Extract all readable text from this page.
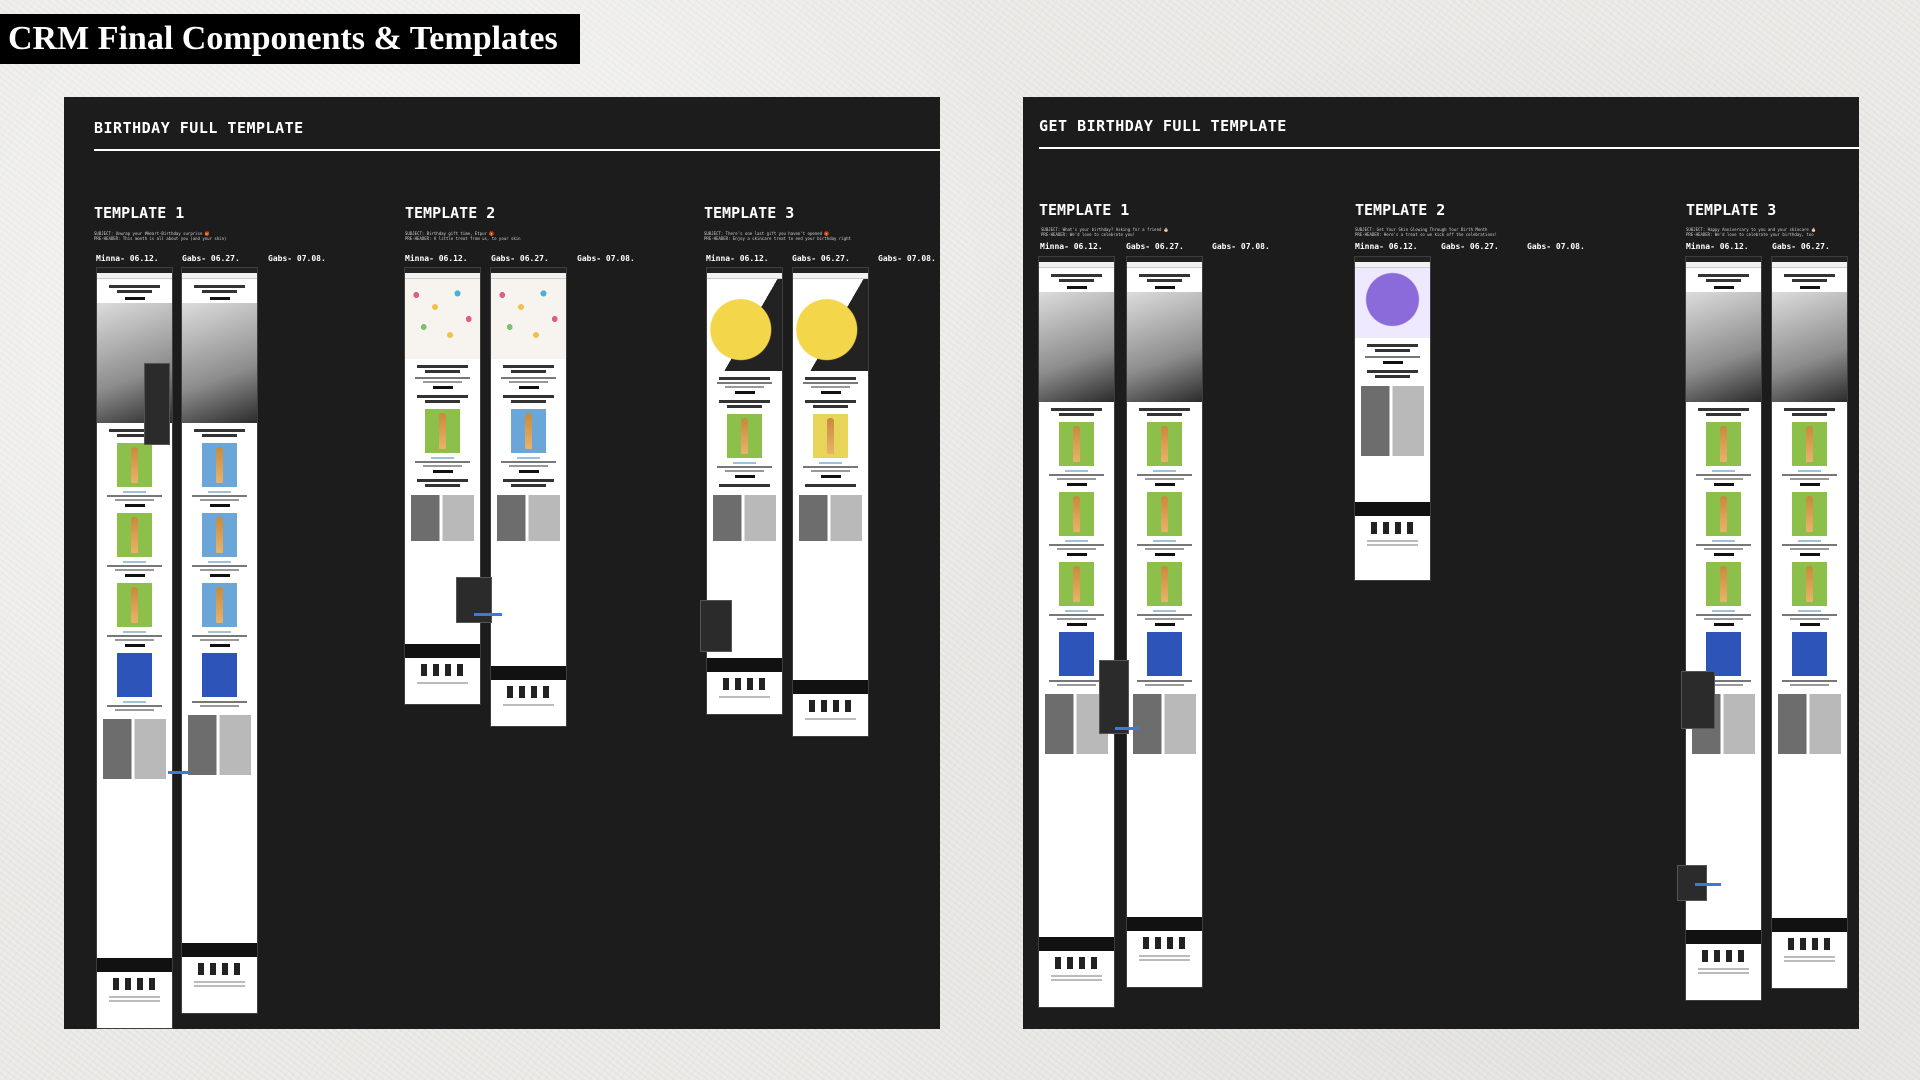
CRM Final Components & Templates
BIRTHDAY FULL TEMPLATE
TEMPLATE 1
SUBJECT: Unwrap your #Heart-Birthday surprise 🎁
PRE-HEADER: This month is all about you (and your skin)
Minna- 06.12.	Gabs- 06.27.	Gabs- 07.08.
TEMPLATE 2
SUBJECT: Birthday gift time, Etpur 🎁
PRE-HEADER: A little treat from us, to your skin
Minna- 06.12.	Gabs- 06.27.	Gabs- 07.08.
TEMPLATE 3
SUBJECT: There's one last gift you haven't opened 🎁
PRE-HEADER: Enjoy a skincare treat to end your birthday right
Minna- 06.12.	Gabs- 06.27.	Gabs- 07.08.
GET BIRTHDAY FULL TEMPLATE
TEMPLATE 1
SUBJECT: What's your birthday? Asking for a friend 🎂
PRE-HEADER: We'd love to celebrate you!
Minna- 06.12.	Gabs- 06.27.	Gabs- 07.08.
TEMPLATE 2
SUBJECT: Get Your Skin Glowing Through Your Birth Month
PRE-HEADER: Here's a treat so we kick off the celebrations!
Minna- 06.12.	Gabs- 06.27.	Gabs- 07.08.
TEMPLATE 3
SUBJECT: Happy Anniversary to you and your skincare 🎂
PRE-HEADER: We'd love to celebrate your birthday, too
Minna- 06.12.	Gabs- 06.27.
